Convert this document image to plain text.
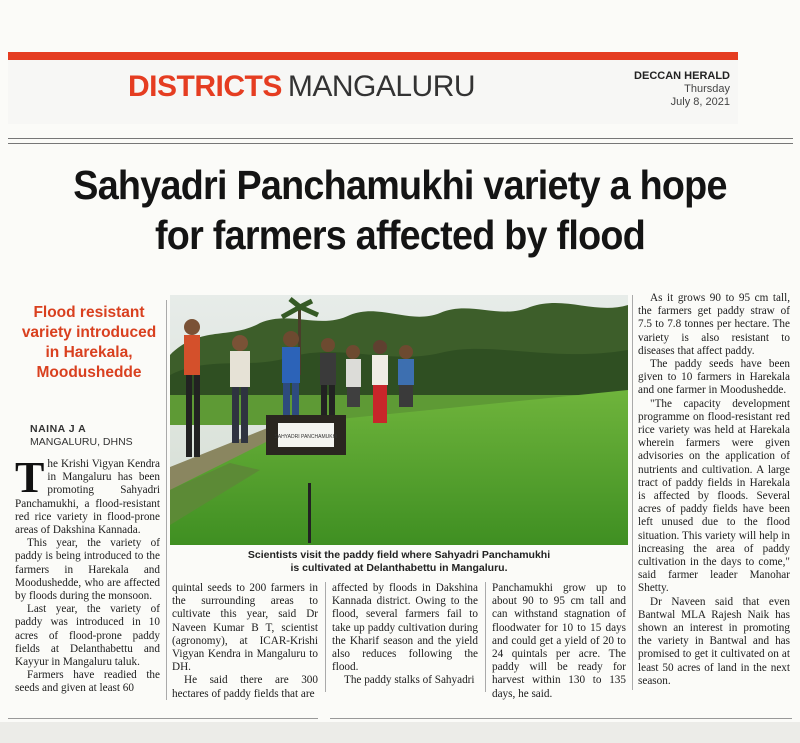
DISTRICTS MANGALURU	DECCAN HERALD
Thursday
July 8, 2021
Sahyadri Panchamukhi variety a hope
for farmers affected by flood
Flood resistant
variety introduced
in Harekala,
Moodushedde
NAINA J A
MANGALURU, DHNS

The Krishi Vigyan Kendra in Mangaluru has been promoting Sahyadri Panchamukhi, a flood-resistant red rice variety in flood-prone areas of Dakshina Kannada.

This year, the variety of paddy is being introduced to the farmers in Harekala and Moodushedde, who are affected by floods during the monsoon.

Last year, the variety of paddy was introduced in 10 acres of flood-prone paddy fields at Delanthabettu and Kayyur in Mangaluru taluk.

Farmers have readied the seeds and given at least 60

SAHYADRI PANCHAMUKHI
Scientists visit the paddy field where Sahyadri Panchamukhi
is cultivated at Delanthabettu in Mangaluru.

quintal seeds to 200 farmers in the surrounding areas to cultivate this year, said Dr Naveen Kumar B T, scientist (agronomy), at ICAR-Krishi Vigyan Kendra in Mangaluru to DH.

He said there are 300 hectares of paddy fields that are

affected by floods in Dakshina Kannada district. Owing to the flood, several farmers fail to take up paddy cultivation during the Kharif season and the yield also reduces following the flood.

The paddy stalks of Sahyadri

Panchamukhi grow up to about 90 to 95 cm tall and can withstand stagnation of floodwater for 10 to 15 days and could get a yield of 20 to 24 quintals per acre. The paddy will be ready for harvest within 130 to 135 days, he said.

As it grows 90 to 95 cm tall, the farmers get paddy straw of 7.5 to 7.8 tonnes per hectare. The variety is also resistant to diseases that affect paddy.

The paddy seeds have been given to 10 farmers in Harekala and one farmer in Moodushedde.

"The capacity development programme on flood-resistant red rice variety was held at Harekala wherein farmers were given advisories on the application of nutrients and cultivation. A large tract of paddy fields in Harekala is affected by floods. Several acres of paddy fields have been left unused due to the flood situation. This variety will help in increasing the area of paddy cultivation in the days to come," said farmer leader Manohar Shetty.

Dr Naveen said that even Bantwal MLA Rajesh Naik has shown an interest in promoting the variety in Bantwal and has promised to get it cultivated on at least 50 acres of land in the next season.
